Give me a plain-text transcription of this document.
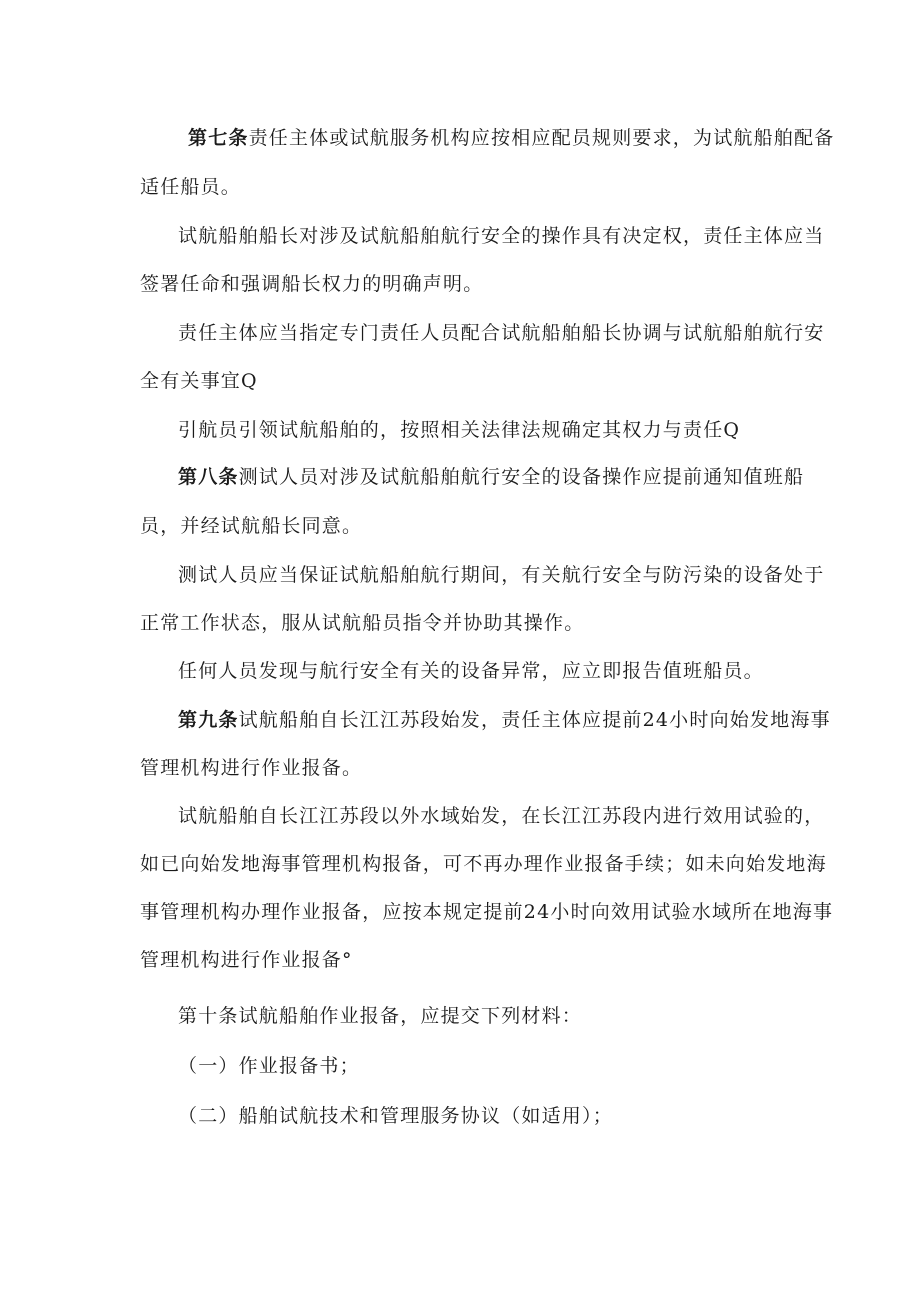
第七条责任主体或试航服务机构应按相应配员规则要求，为试航船舶配备
适任船员。
试航船舶船长对涉及试航船舶航行安全的操作具有决定权，责任主体应当
签署任命和强调船长权力的明确声明。
责任主体应当指定专门责任人员配合试航船舶船长协调与试航船舶航行安
全有关事宜Q
引航员引领试航船舶的，按照相关法律法规确定其权力与责任Q
第八条测试人员对涉及试航船舶航行安全的设备操作应提前通知值班船
员，并经试航船长同意。
测试人员应当保证试航船舶航行期间，有关航行安全与防污染的设备处于
正常工作状态，服从试航船员指令并协助其操作。
任何人员发现与航行安全有关的设备异常，应立即报告值班船员。
第九条试航船舶自长江江苏段始发，责任主体应提前24小时向始发地海事
管理机构进行作业报备。
试航船舶自长江江苏段以外水域始发，在长江江苏段内进行效用试验的，
如已向始发地海事管理机构报备，可不再办理作业报备手续；如未向始发地海
事管理机构办理作业报备，应按本规定提前24小时向效用试验水域所在地海事
管理机构进行作业报备°
第十条试航船舶作业报备，应提交下列材料：
（一）作业报备书；
（二）船舶试航技术和管理服务协议（如适用）；
